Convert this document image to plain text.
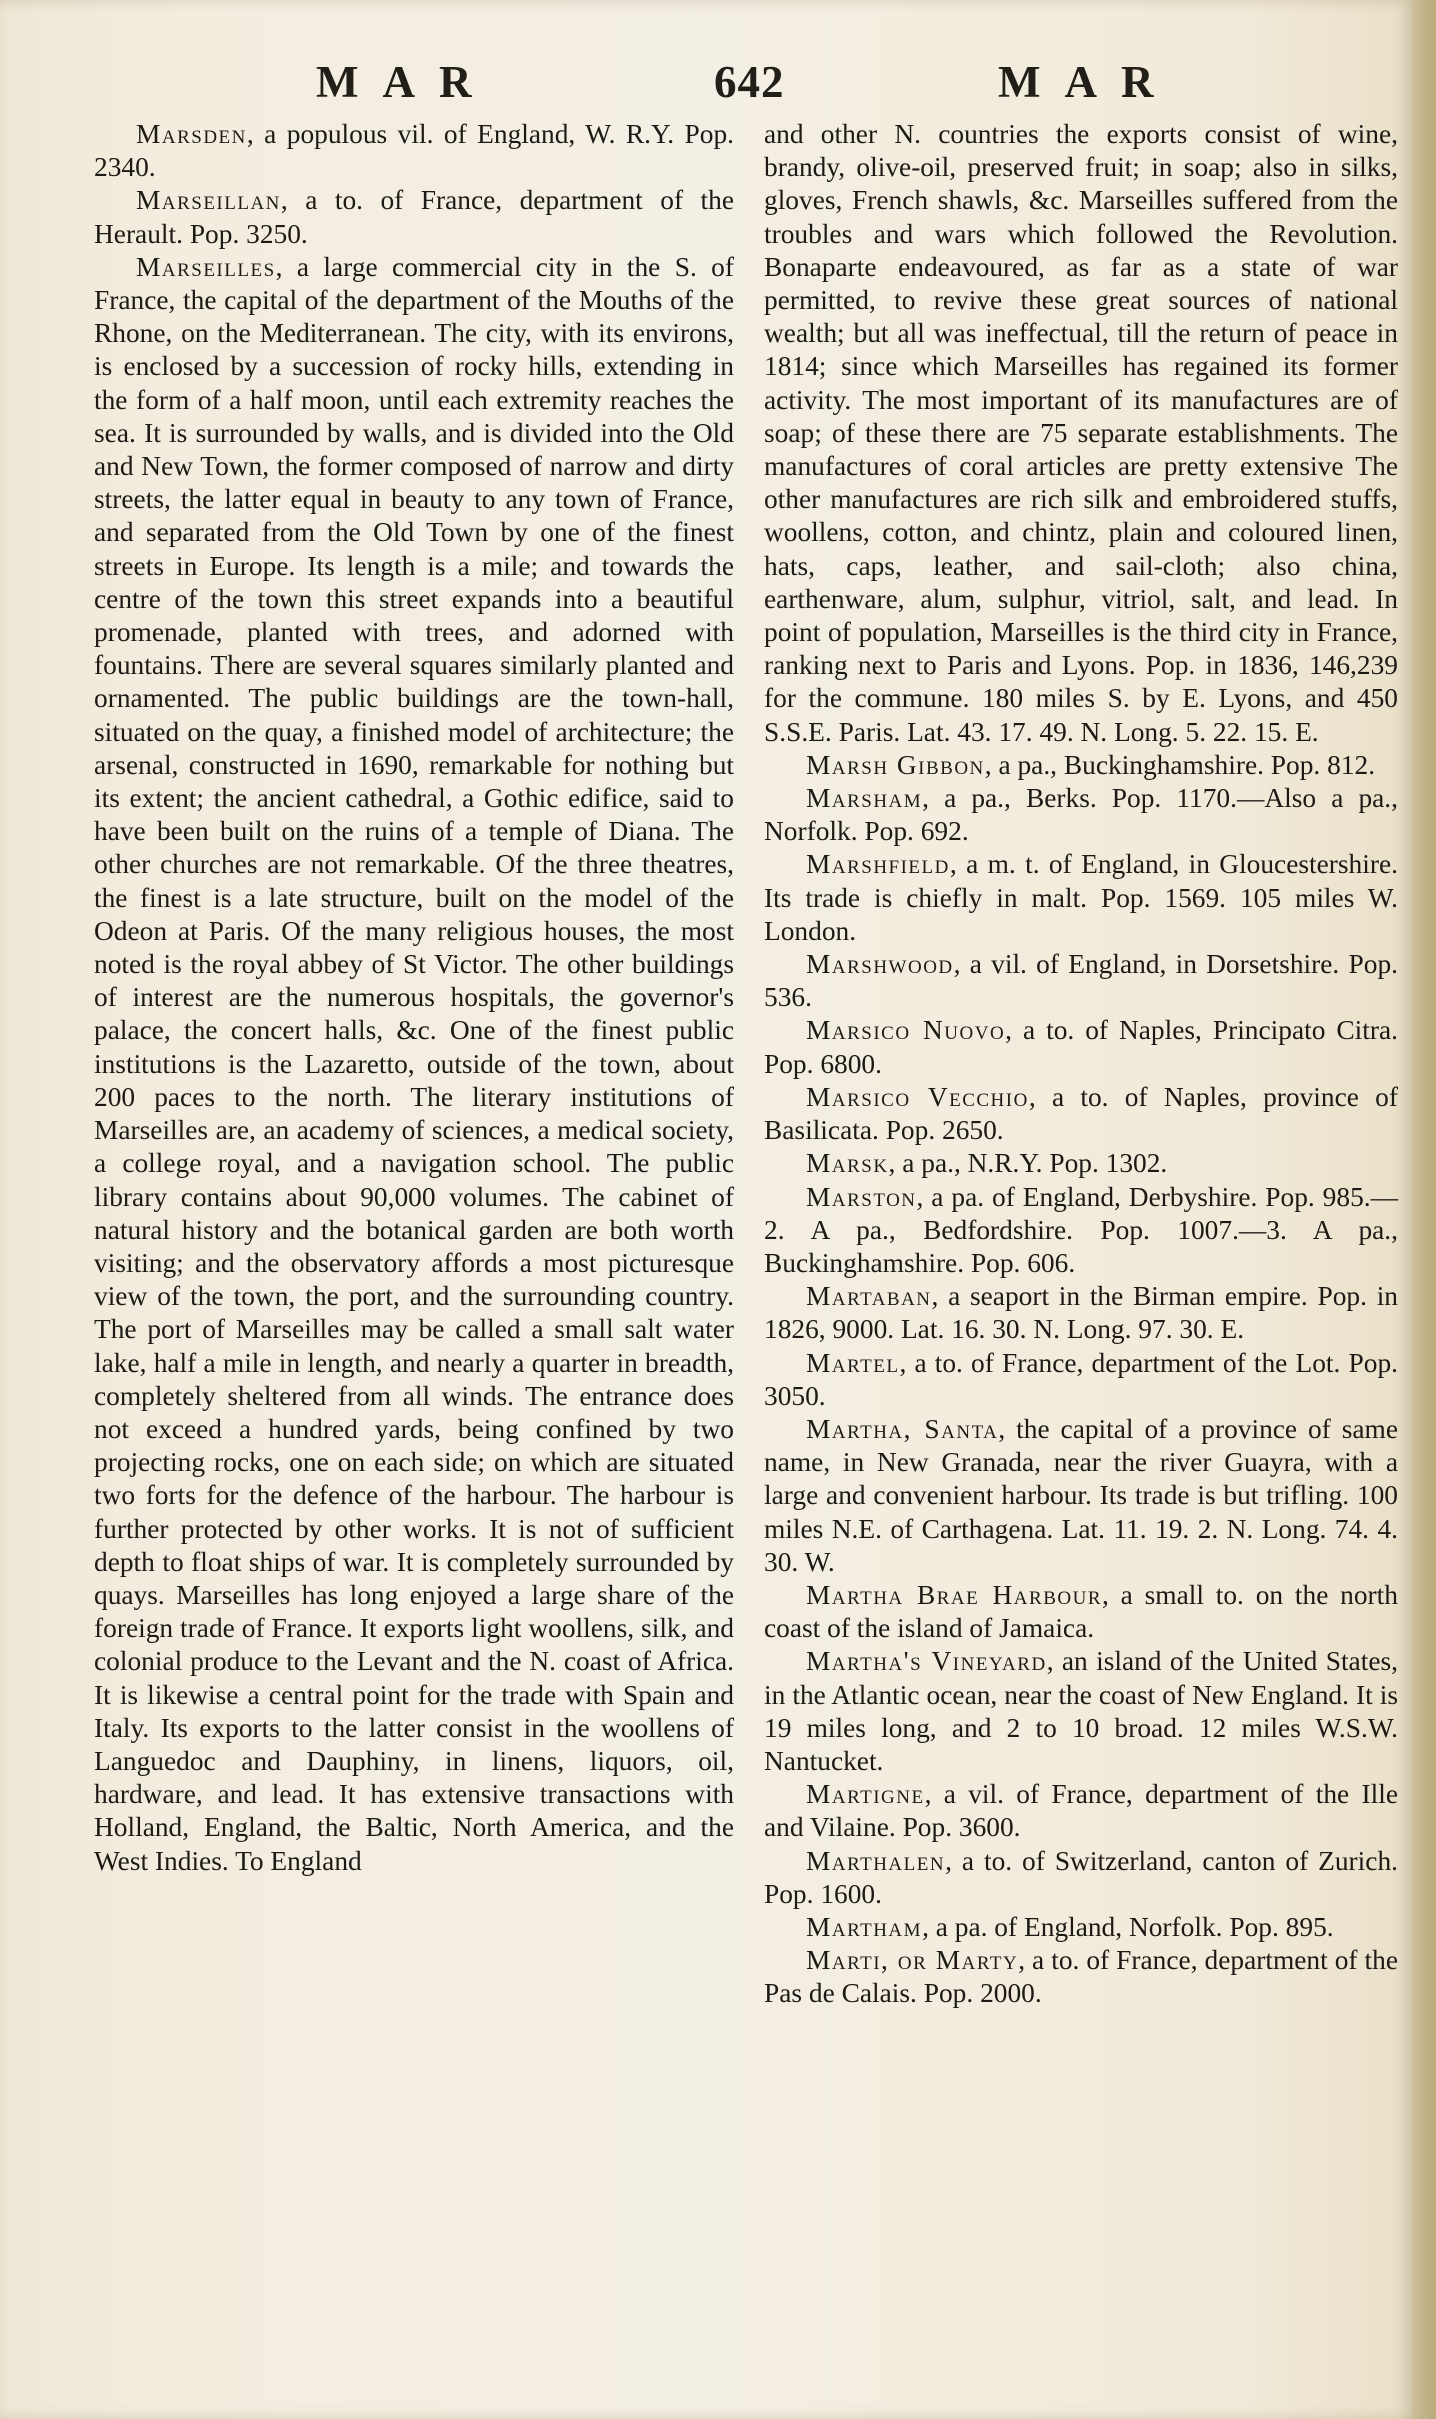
MAR	642	MAR

Marsden, a populous vil. of England, W. R.Y. Pop. 2340.

Marseillan, a to. of France, department of the Herault. Pop. 3250.

Marseilles, a large commercial city in the S. of France, the capital of the department of the Mouths of the Rhone, on the Mediterranean. The city, with its environs, is enclosed by a succession of rocky hills, extending in the form of a half moon, until each extremity reaches the sea. It is surrounded by walls, and is divided into the Old and New Town, the former composed of narrow and dirty streets, the latter equal in beauty to any town of France, and separated from the Old Town by one of the finest streets in Europe. Its length is a mile; and towards the centre of the town this street expands into a beautiful promenade, planted with trees, and adorned with fountains. There are several squares similarly planted and ornamented. The public buildings are the town-hall, situated on the quay, a finished model of architecture; the arsenal, constructed in 1690, remarkable for nothing but its extent; the ancient cathedral, a Gothic edifice, said to have been built on the ruins of a temple of Diana. The other churches are not remarkable. Of the three theatres, the finest is a late structure, built on the model of the Odeon at Paris. Of the many religious houses, the most noted is the royal abbey of St Victor. The other buildings of interest are the numerous hospitals, the governor's palace, the concert halls, &c. One of the finest public institutions is the Lazaretto, outside of the town, about 200 paces to the north. The literary institutions of Marseilles are, an academy of sciences, a medical society, a college royal, and a navigation school. The public library contains about 90,000 volumes. The cabinet of natural history and the botanical garden are both worth visiting; and the observatory affords a most picturesque view of the town, the port, and the surrounding country. The port of Marseilles may be called a small salt water lake, half a mile in length, and nearly a quarter in breadth, completely sheltered from all winds. The entrance does not exceed a hundred yards, being confined by two projecting rocks, one on each side; on which are situated two forts for the defence of the harbour. The harbour is further protected by other works. It is not of sufficient depth to float ships of war. It is completely surrounded by quays. Marseilles has long enjoyed a large share of the foreign trade of France. It exports light woollens, silk, and colonial produce to the Levant and the N. coast of Africa. It is likewise a central point for the trade with Spain and Italy. Its exports to the latter consist in the woollens of Languedoc and Dauphiny, in linens, liquors, oil, hardware, and lead. It has extensive transactions with Holland, England, the Baltic, North America, and the West Indies. To England

and other N. countries the exports consist of wine, brandy, olive-oil, preserved fruit; in soap; also in silks, gloves, French shawls, &c. Marseilles suffered from the troubles and wars which followed the Revolution. Bonaparte endeavoured, as far as a state of war permitted, to revive these great sources of national wealth; but all was ineffectual, till the return of peace in 1814; since which Marseilles has regained its former activity. The most important of its manufactures are of soap; of these there are 75 separate establishments. The manufactures of coral articles are pretty extensive The other manufactures are rich silk and embroidered stuffs, woollens, cotton, and chintz, plain and coloured linen, hats, caps, leather, and sail-cloth; also china, earthenware, alum, sulphur, vitriol, salt, and lead. In point of population, Marseilles is the third city in France, ranking next to Paris and Lyons. Pop. in 1836, 146,239 for the commune. 180 miles S. by E. Lyons, and 450 S.S.E. Paris. Lat. 43. 17. 49. N. Long. 5. 22. 15. E.

Marsh Gibbon, a pa., Buckinghamshire. Pop. 812.

Marsham, a pa., Berks. Pop. 1170.—Also a pa., Norfolk. Pop. 692.

Marshfield, a m. t. of England, in Gloucestershire. Its trade is chiefly in malt. Pop. 1569. 105 miles W. London.

Marshwood, a vil. of England, in Dorsetshire. Pop. 536.

Marsico Nuovo, a to. of Naples, Principato Citra. Pop. 6800.

Marsico Vecchio, a to. of Naples, province of Basilicata. Pop. 2650.

Marsk, a pa., N.R.Y. Pop. 1302.

Marston, a pa. of England, Derbyshire. Pop. 985.—2. A pa., Bedfordshire. Pop. 1007.—3. A pa., Buckinghamshire. Pop. 606.

Martaban, a seaport in the Birman empire. Pop. in 1826, 9000. Lat. 16. 30. N. Long. 97. 30. E.

Martel, a to. of France, department of the Lot. Pop. 3050.

Martha, Santa, the capital of a province of same name, in New Granada, near the river Guayra, with a large and convenient harbour. Its trade is but trifling. 100 miles N.E. of Carthagena. Lat. 11. 19. 2. N. Long. 74. 4. 30. W.

Martha Brae Harbour, a small to. on the north coast of the island of Jamaica.

Martha's Vineyard, an island of the United States, in the Atlantic ocean, near the coast of New England. It is 19 miles long, and 2 to 10 broad. 12 miles W.S.W. Nantucket.

Martigne, a vil. of France, department of the Ille and Vilaine. Pop. 3600.

Marthalen, a to. of Switzerland, canton of Zurich. Pop. 1600.

Martham, a pa. of England, Norfolk. Pop. 895.

Marti, or Marty, a to. of France, department of the Pas de Calais. Pop. 2000.
